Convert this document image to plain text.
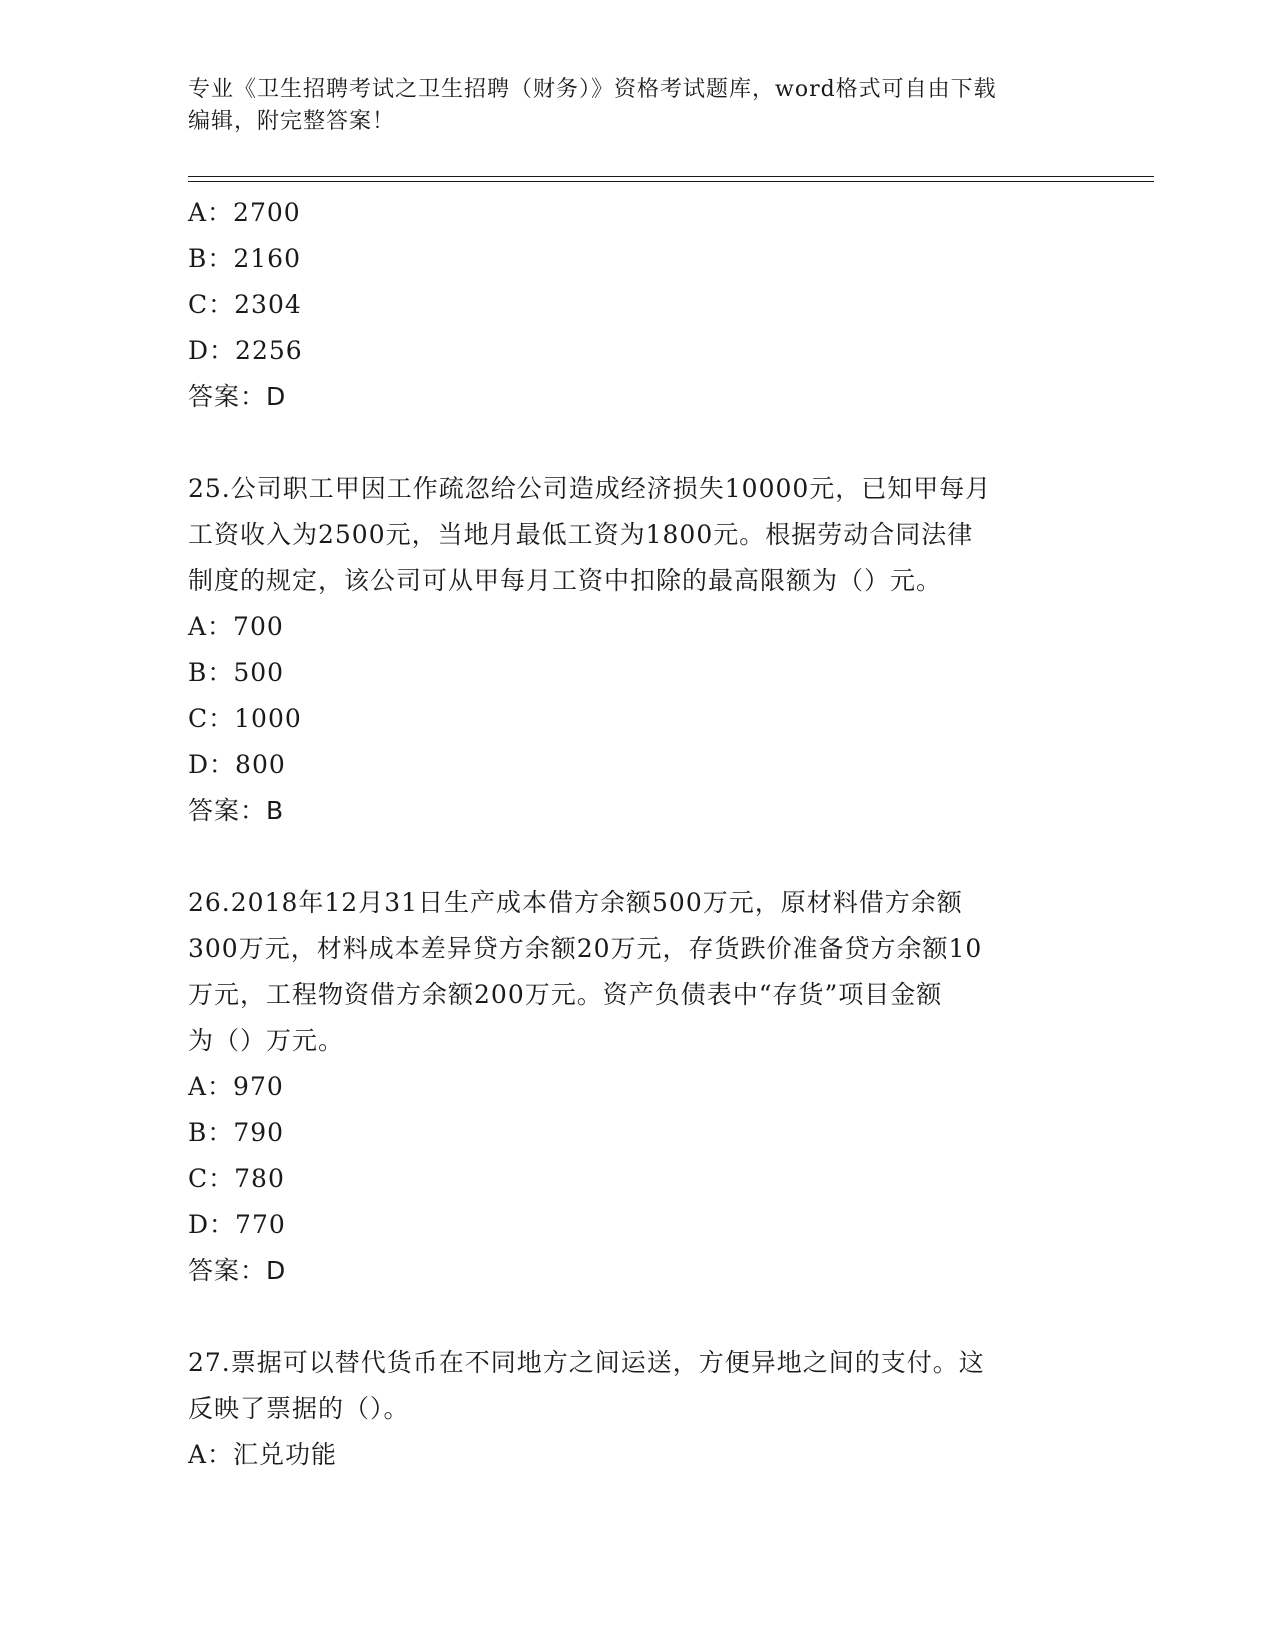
专业《卫生招聘考试之卫生招聘（财务）》资格考试题库，word格式可自由下载
编辑，附完整答案！
A：2700
B：2160
C：2304
D：2256
答案：D
25.公司职工甲因工作疏忽给公司造成经济损失10000元，已知甲每月
工资收入为2500元，当地月最低工资为1800元。根据劳动合同法律
制度的规定，该公司可从甲每月工资中扣除的最高限额为（）元。
A：700
B：500
C：1000
D：800
答案：B
26.2018年12月31日生产成本借方余额500万元，原材料借方余额
300万元，材料成本差异贷方余额20万元，存货跌价准备贷方余额10
万元，工程物资借方余额200万元。资产负债表中“存货”项目金额
为（）万元。
A：970
B：790
C：780
D：770
答案：D
27.票据可以替代货币在不同地方之间运送，方便异地之间的支付。这
反映了票据的（）。
A：汇兑功能
